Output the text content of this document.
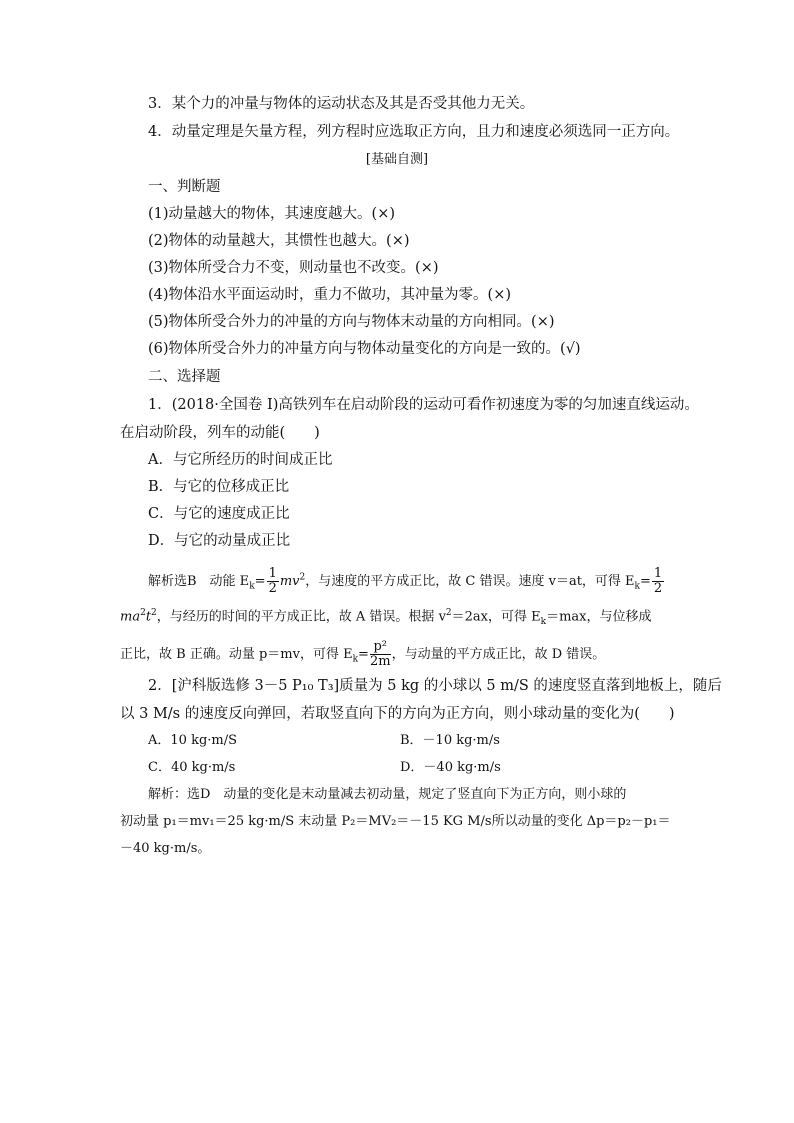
3．某个力的冲量与物体的运动状态及其是否受其他力无关。
4．动量定理是矢量方程，列方程时应选取正方向，且力和速度必须选同一正方向。
[基础自测]
一、判断题
(1)动量越大的物体，其速度越大。(×)
(2)物体的动量越大，其惯性也越大。(×)
(3)物体所受合力不变，则动量也不改变。(×)
(4)物体沿水平面运动时，重力不做功，其冲量为零。(×)
(5)物体所受合外力的冲量的方向与物体末动量的方向相同。(×)
(6)物体所受合外力的冲量方向与物体动量变化的方向是一致的。(√)
二、选择题
1．(2018·全国卷 Ⅰ)高铁列车在启动阶段的运动可看作初速度为零的匀加速直线运动。
在启动阶段，列车的动能(　　)
A．与它所经历的时间成正比
B．与它的位移成正比
C．与它的速度成正比
D．与它的动量成正比
解析选B　动能 $E_k= \frac{1}{2} mv^2$，与速度的平方成正比，故 C 错误。速度 v＝at，可得 $E_k= \frac{1}{2}$
$ma^2t^2$，与经历的时间的平方成正比，故 A 错误。根据 $v^2=2ax$，可得 $E_k=\max$，与位移成
正比，故 B 正确。动量 p＝mv，可得 $E_k= \frac{\text{p²}}{2m}$ ，与动量的平方成正比，故 D 错误。
2．[沪科版选修 3－5 P₁₀ T₃]质量为 5 kg 的小球以 5 m/S 的速度竖直落到地板上，随后
以 3 M/s 的速度反向弹回，若取竖直向下的方向为正方向，则小球动量的变化为(　　)
A．10 kg·m/S	B．－10 kg·m/s
C．40 kg·m/s	D．－40 kg·m/s
解析：选D　动量的变化是末动量减去初动量，规定了竖直向下为正方向，则小球的
初动量 p₁＝mv₁＝25 kg·m/S 末动量 P₂＝MV₂＝－15 KG M/s所以动量的变化 Δp＝p₂－p₁＝
－40 kg·m/s。
